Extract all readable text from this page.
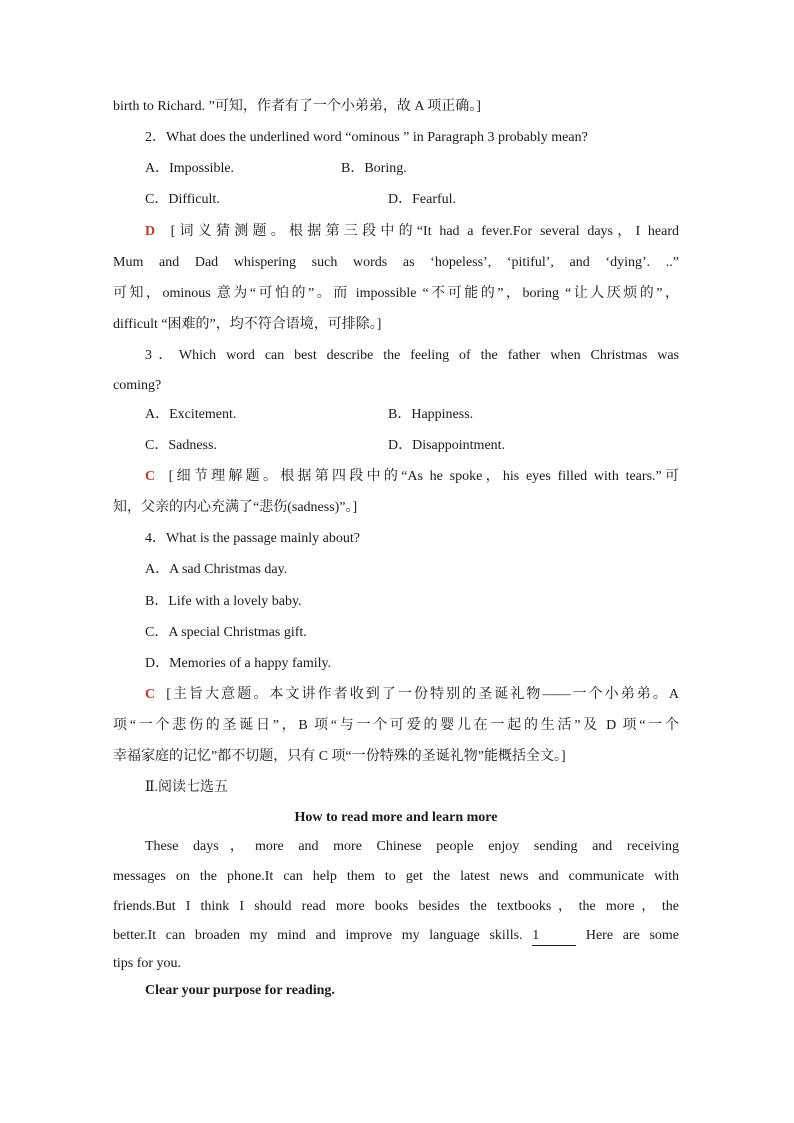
birth to Richard. ”可知，作者有了一个小弟弟，故 A 项正确。]
2．What does the underlined word “ominous ” in Paragraph 3 probably mean?
A．Impossible.	B．Boring.
C．Difficult.	D．Fearful.
D [词义猜测题。根据第三段中的“It had a fever.For several days，I heard
Mum and Dad whispering such words as ‘hopeless’, ‘pitiful’, and ‘dying’. ..”
可知，ominous 意为“可怕的”。而 impossible “不可能的”，boring “让人厌烦的”，
difficult “困难的”，均不符合语境，可排除。]
3．Which word can best describe the feeling of the father when Christmas was
coming?
A．Excitement.	B．Happiness.
C．Sadness.	D．Disappointment.
C [细节理解题。根据第四段中的“As he spoke，his eyes filled with tears.”可
知，父亲的内心充满了“悲伤(sadness)”。]
4．What is the passage mainly about?
A．A sad Christmas day.
B．Life with a lovely baby.
C．A special Christmas gift.
D．Memories of a happy family.
C [主旨大意题。本文讲作者收到了一份特别的圣诞礼物——一个小弟弟。A
项“一个悲伤的圣诞日”，B 项“与一个可爱的婴儿在一起的生活”及 D 项“一个
幸福家庭的记忆”都不切题，只有 C 项“一份特殊的圣诞礼物”能概括全文。]
Ⅱ.阅读七选五
How to read more and learn more
These days，more and more Chinese people enjoy sending and receiving
messages on the phone.It can help them to get the latest news and communicate with
friends.But I think I should read more books besides the textbooks，the more，the
better.It can broaden my mind and improve my language skills. 1	Here are some
tips for you.
Clear your purpose for reading.
